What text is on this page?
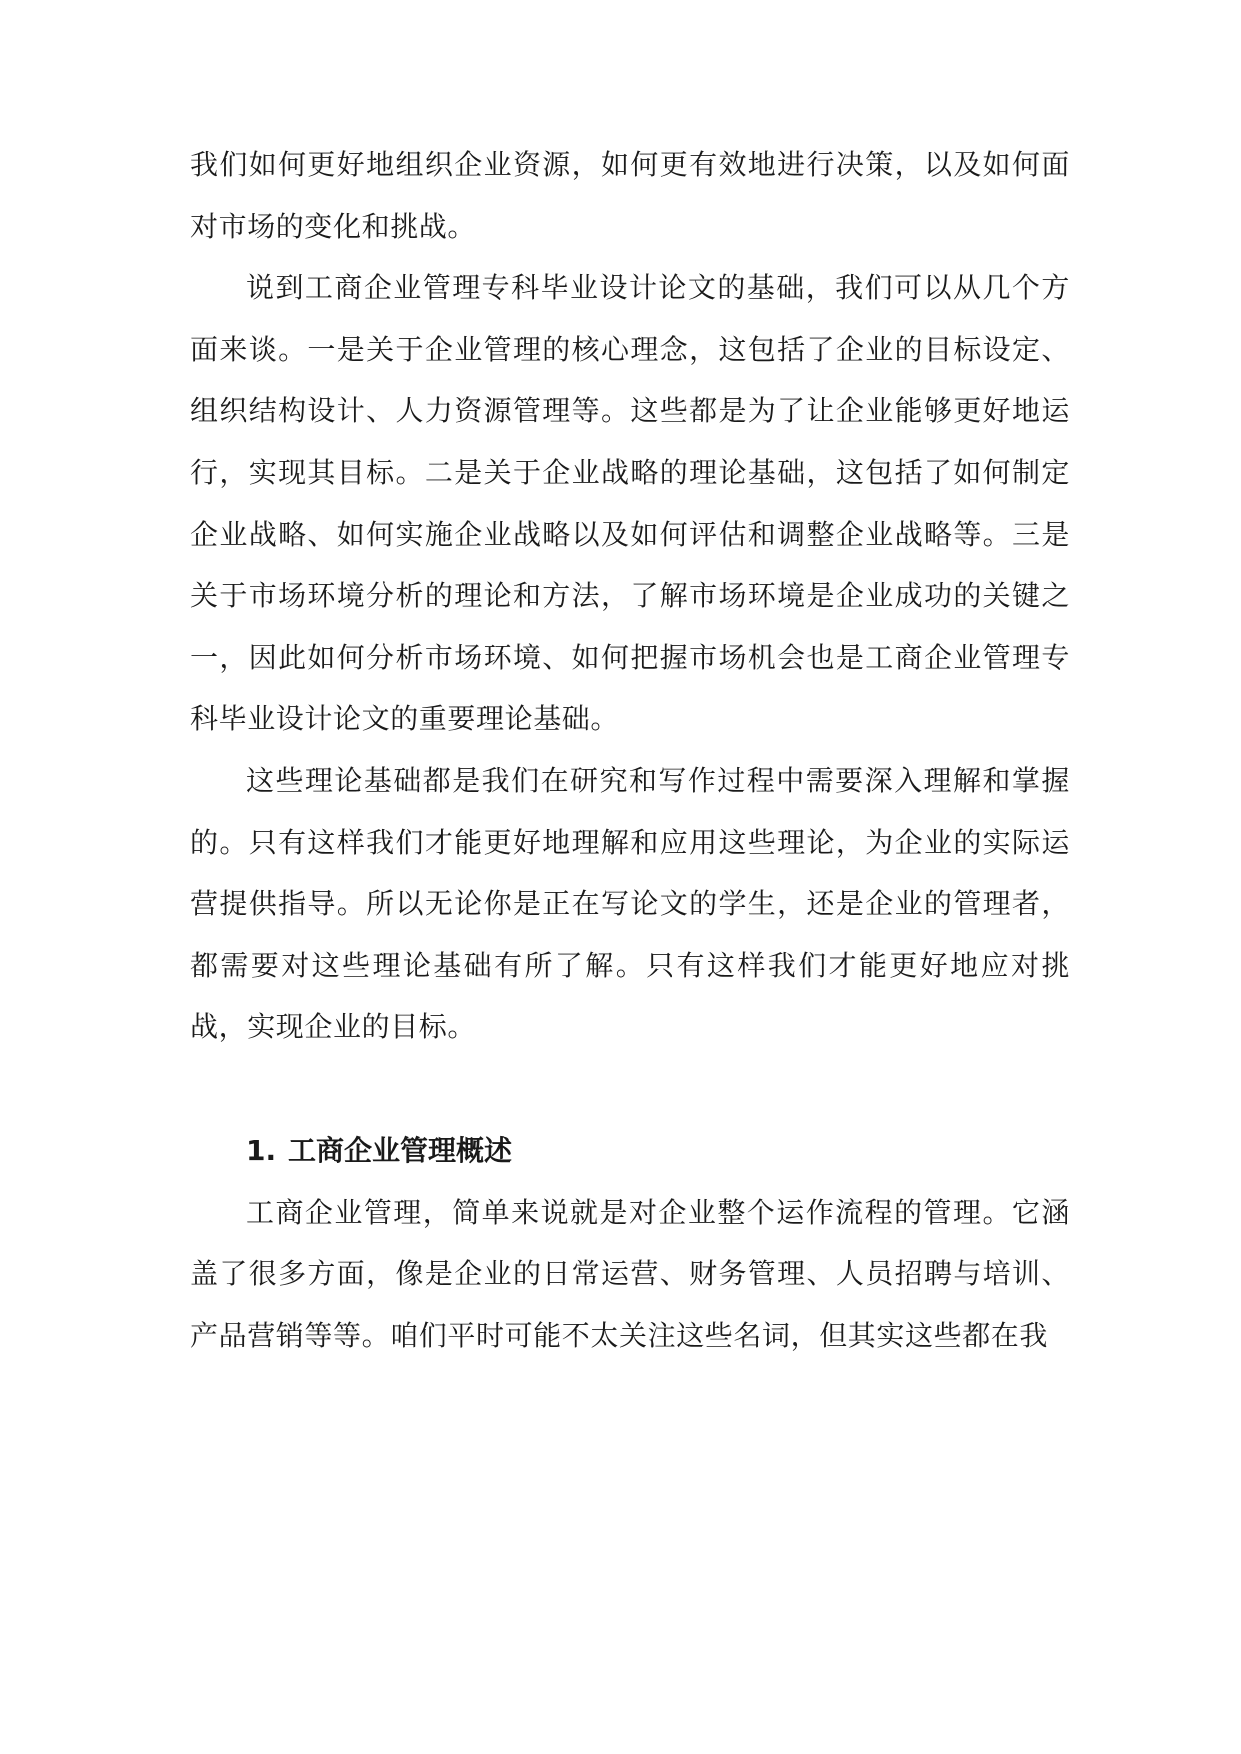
我们如何更好地组织企业资源，如何更有效地进行决策，以及如何面对市场的变化和挑战。

说到工商企业管理专科毕业设计论文的基础，我们可以从几个方面来谈。一是关于企业管理的核心理念，这包括了企业的目标设定、组织结构设计、人力资源管理等。这些都是为了让企业能够更好地运行，实现其目标。二是关于企业战略的理论基础，这包括了如何制定企业战略、如何实施企业战略以及如何评估和调整企业战略等。三是关于市场环境分析的理论和方法，了解市场环境是企业成功的关键之一，因此如何分析市场环境、如何把握市场机会也是工商企业管理专科毕业设计论文的重要理论基础。

这些理论基础都是我们在研究和写作过程中需要深入理解和掌握的。只有这样我们才能更好地理解和应用这些理论，为企业的实际运营提供指导。所以无论你是正在写论文的学生，还是企业的管理者，都需要对这些理论基础有所了解。只有这样我们才能更好地应对挑战，实现企业的目标。

1. 工商企业管理概述

工商企业管理，简单来说就是对企业整个运作流程的管理。它涵盖了很多方面，像是企业的日常运营、财务管理、人员招聘与培训、产品营销等等。咱们平时可能不太关注这些名词，但其实这些都在我
